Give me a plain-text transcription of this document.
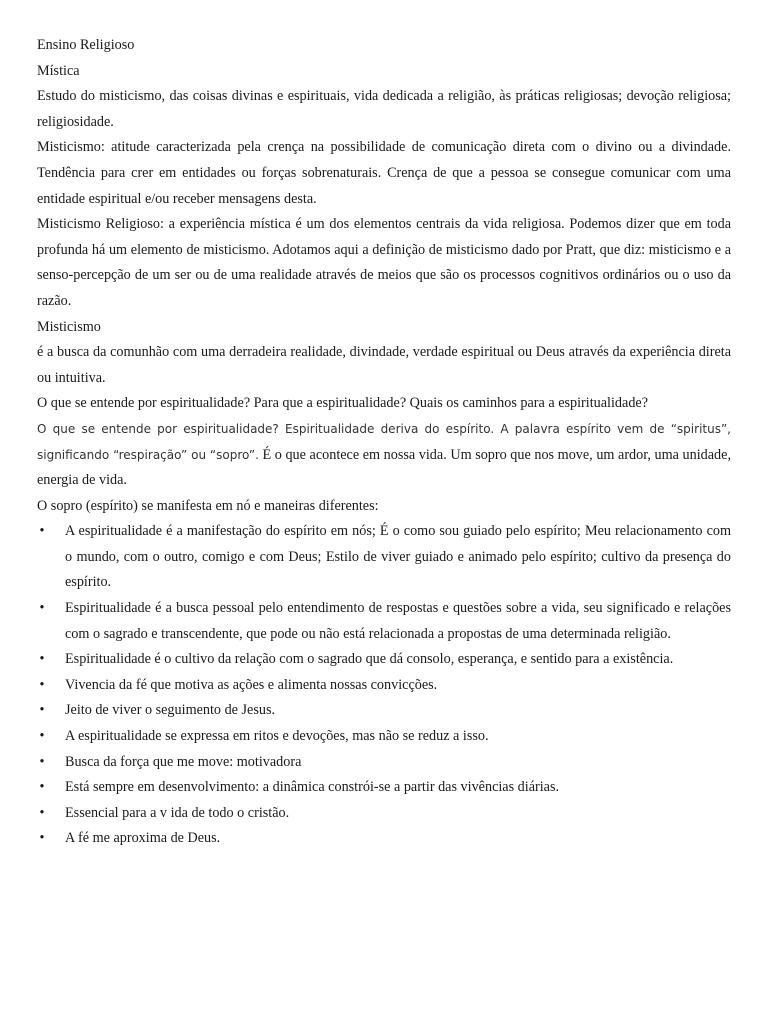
Ensino Religioso

Mística

Estudo do misticismo, das coisas divinas e espirituais, vida dedicada a religião, às práticas religiosas; devoção religiosa; religiosidade.

Misticismo: atitude caracterizada pela crença na possibilidade de comunicação direta com o divino ou a divindade. Tendência para crer em entidades ou forças sobrenaturais. Crença de que a pessoa se consegue comunicar com uma entidade espiritual e/ou receber mensagens desta.

Misticismo Religioso: a experiência mística é um dos elementos centrais da vida religiosa. Podemos dizer que em toda profunda há um elemento de misticismo. Adotamos aqui a definição de misticismo dado por Pratt, que diz: misticismo e a senso-percepção de um ser ou de uma realidade através de meios que são os processos cognitivos ordinários ou o uso da razão.

Misticismo

é a busca da comunhão com uma derradeira realidade, divindade, verdade espiritual ou Deus através da experiência direta ou intuitiva.

O que se entende por espiritualidade? Para que a espiritualidade? Quais os caminhos para a espiritualidade?

O que se entende por espiritualidade? Espiritualidade deriva do espírito. A palavra espírito vem de “spiritus”, significando “respiração” ou “sopro”. É o que acontece em nossa vida. Um sopro que nos move, um ardor, uma unidade, energia de vida.

O sopro (espírito) se manifesta em nó e maneiras diferentes:

• A espiritualidade é a manifestação do espírito em nós; É o como sou guiado pelo espírito; Meu relacionamento com o mundo, com o outro, comigo e com Deus; Estilo de viver guiado e animado pelo espírito; cultivo da presença do espírito.
• Espiritualidade é a busca pessoal pelo entendimento de respostas e questões sobre a vida, seu significado e relações com o sagrado e transcendente, que pode ou não está relacionada a propostas de uma determinada religião.
• Espiritualidade é o cultivo da relação com o sagrado que dá consolo, esperança, e sentido para a existência.
• Vivencia da fé que motiva as ações e alimenta nossas convicções.
• Jeito de viver o seguimento de Jesus.
• A espiritualidade se expressa em ritos e devoções, mas não se reduz a isso.
• Busca da força que me move: motivadora
• Está sempre em desenvolvimento: a dinâmica constrói-se a partir das vivências diárias.
• Essencial para a v ida de todo o cristão.
• A fé me aproxima de Deus.
